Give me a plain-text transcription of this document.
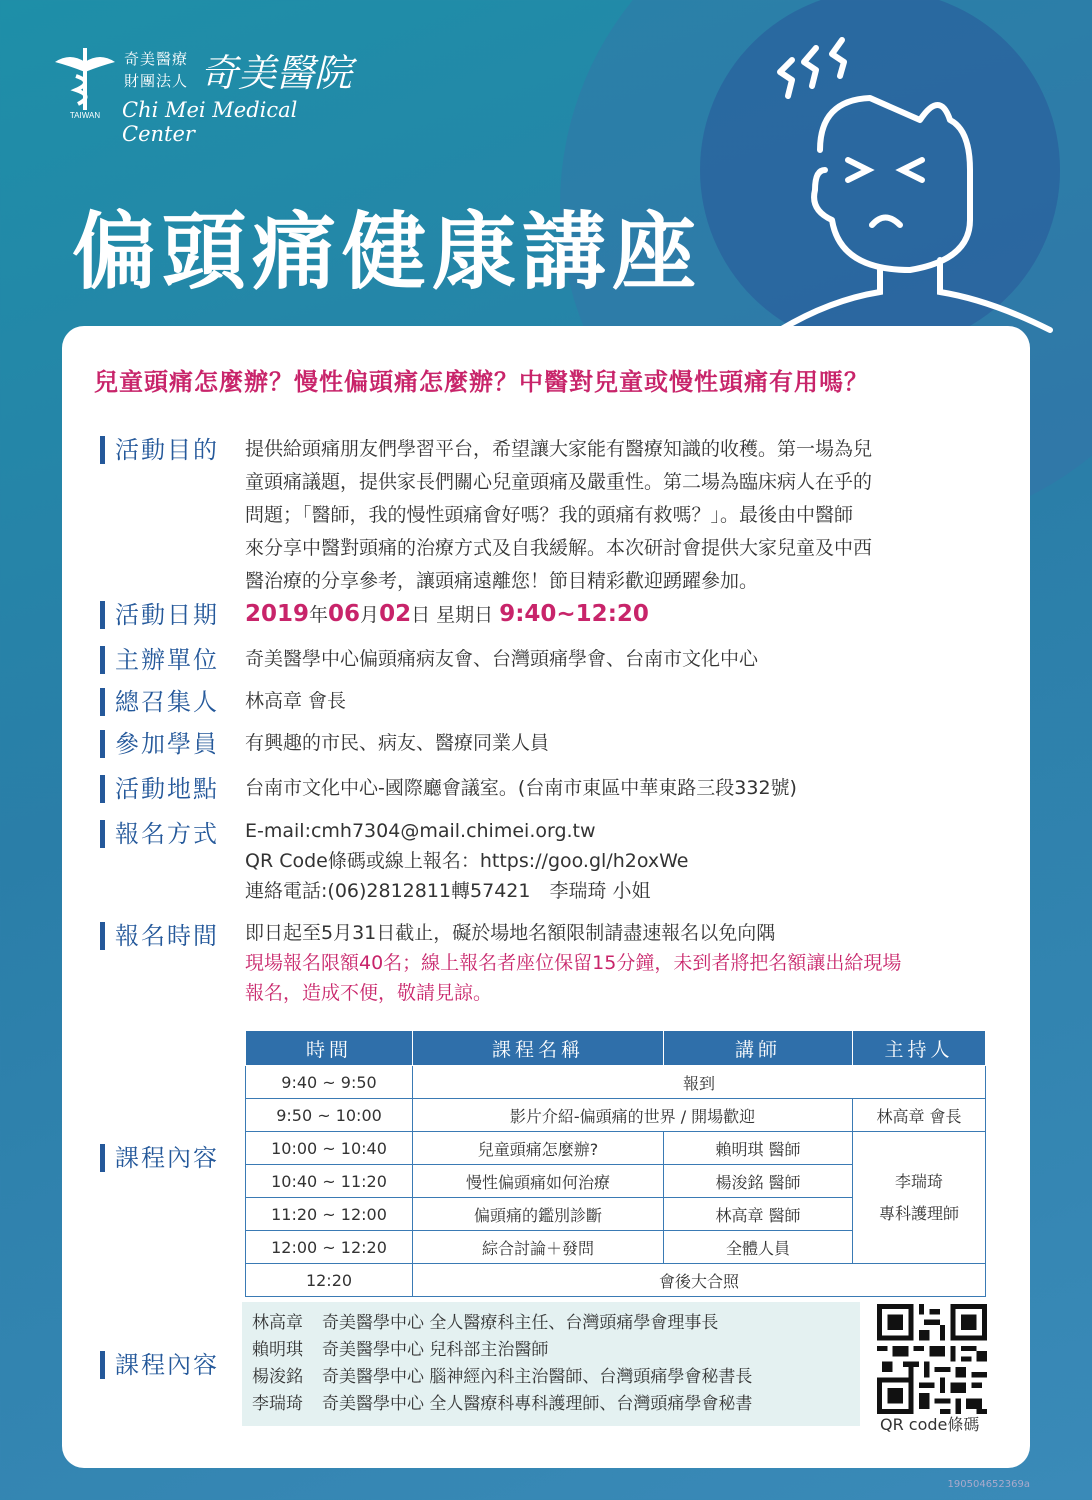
TAIWAN
奇美醫療
財團法人 奇美醫院
Chi Mei Medical Center
偏頭痛健康講座
兒童頭痛怎麼辦？慢性偏頭痛怎麼辦？中醫對兒童或慢性頭痛有用嗎？
活動目的 提供給頭痛朋友們學習平台，希望讓大家能有醫療知識的收穫。第一場為兒
童頭痛議題，提供家長們關心兒童頭痛及嚴重性。第二場為臨床病人在乎的
問題；「醫師，我的慢性頭痛會好嗎？我的頭痛有救嗎？」。最後由中醫師
來分享中醫對頭痛的治療方式及自我緩解。本次研討會提供大家兒童及中西
醫治療的分享參考，讓頭痛遠離您！節目精彩歡迎踴躍參加。
活動日期 2019年06月02日 星期日 9:40~12:20
主辦單位 奇美醫學中心偏頭痛病友會、台灣頭痛學會、台南市文化中心
總召集人 林高章 會長
參加學員 有興趣的市民、病友、醫療同業人員
活動地點 台南市文化中心-國際廳會議室。(台南市東區中華東路三段332號)
報名方式 E-mail:cmh7304@mail.chimei.org.tw
QR Code條碼或線上報名：https://goo.gl/h2oxWe
連絡電話:(06)2812811轉57421　李瑞琦 小姐
報名時間 即日起至5月31日截止，礙於場地名額限制請盡速報名以免向隅
現場報名限額40名；線上報名者座位保留15分鐘，未到者將把名額讓出給現場
報名，造成不便，敬請見諒。
課程內容
時間	課程名稱	講師	主持人
9:40 ~ 9:50	報到		
9:50 ~ 10:00	影片介紹-偏頭痛的世界 / 開場歡迎		林高章 會長
10:00 ~ 10:40	兒童頭痛怎麼辦?	賴明琪 醫師	李瑞琦
專科護理師

10:40 ~ 11:20	慢性偏頭痛如何治療	楊浚銘 醫師	
11:20 ~ 12:00	偏頭痛的鑑別診斷	林高章 醫師	
12:00 ~ 12:20	綜合討論＋發問	全體人員	
12:20	會後大合照		
課程內容
林高章 奇美醫學中心 全人醫療科主任、台灣頭痛學會理事長
賴明琪 奇美醫學中心 兒科部主治醫師
楊浚銘 奇美醫學中心 腦神經內科主治醫師、台灣頭痛學會秘書長
李瑞琦 奇美醫學中心 全人醫療科專科護理師、台灣頭痛學會秘書
QR code條碼
190504652369a
